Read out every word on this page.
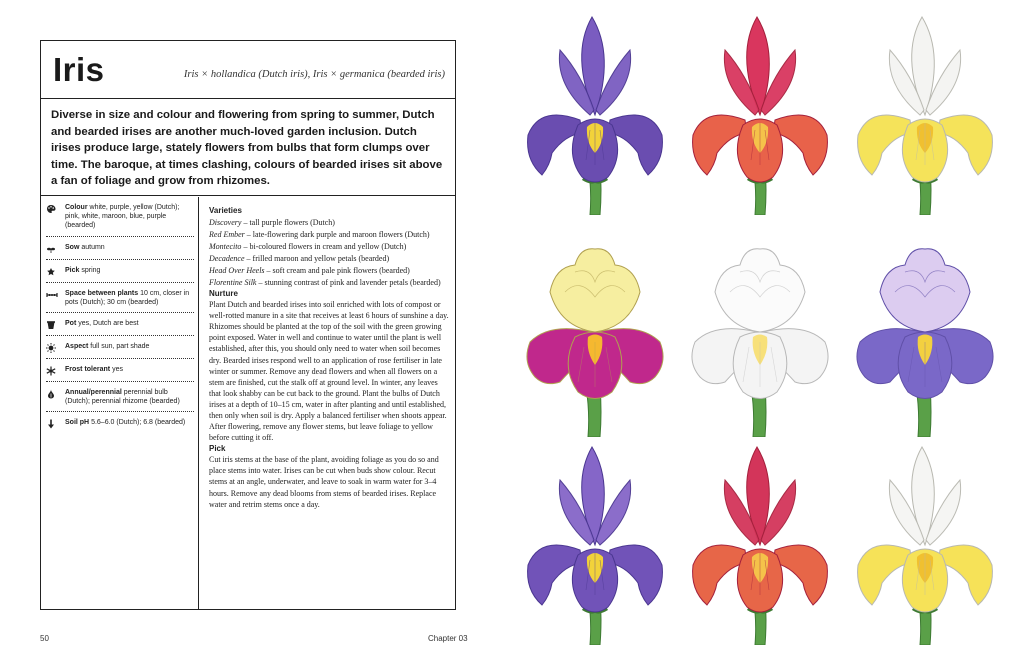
Iris	Iris × hollandica (Dutch iris), Iris × germanica (bearded iris)
Diverse in size and colour and flowering from spring to summer, Dutch and bearded irises are another much-loved garden inclusion. Dutch irises produce large, stately flowers from bulbs that form clumps over time. The baroque, at times clashing, colours of bearded irises sit above a fan of foliage and grow from rhizomes.
Colour white, purple, yellow (Dutch); pink, white, maroon, blue, purple (bearded)
Sow autumn
Pick spring
Space between plants 10 cm, closer in pots (Dutch); 30 cm (bearded)
Pot yes, Dutch are best
Aspect full sun, part shade
Frost tolerant yes
Annual/perennial perennial bulb (Dutch); perennial rhizome (bearded)
Soil pH 5.6–6.0 (Dutch); 6.8 (bearded)
Varieties

Discovery – tall purple flowers (Dutch)

Red Ember – late-flowering dark purple and maroon flowers (Dutch)

Montecito – bi-coloured flowers in cream and yellow (Dutch)

Decadence – frilled maroon and yellow petals (bearded)

Head Over Heels – soft cream and pale pink flowers (bearded)

Florentine Silk – stunning contrast of pink and lavender petals (bearded)

Nurture

Plant Dutch and bearded irises into soil enriched with lots of compost or well-rotted manure in a site that receives at least 6 hours of sunshine a day. Rhizomes should be planted at the top of the soil with the green growing point exposed. Water in well and continue to water until the plant is well established, after this, you should only need to water when soil becomes dry. Bearded irises respond well to an application of rose fertiliser in late winter or summer. Remove any dead flowers and when all flowers on a stem are finished, cut the stalk off at ground level. In winter, any leaves that look shabby can be cut back to the ground. Plant the bulbs of Dutch irises at a depth of 10–15 cm, water in after planting and until established, then only when soil is dry. Apply a balanced fertiliser when shoots appear. After flowering, remove any flower stems, but leave foliage to yellow before cutting it off.

Pick

Cut iris stems at the base of the plant, avoiding foliage as you do so and place stems into water. Irises can be cut when buds show colour. Recut stems at an angle, underwater, and leave to soak in warm water for 3–4 hours. Remove any dead blooms from stems of bearded irises. Replace water and retrim stems once a day.

50	Chapter 03
